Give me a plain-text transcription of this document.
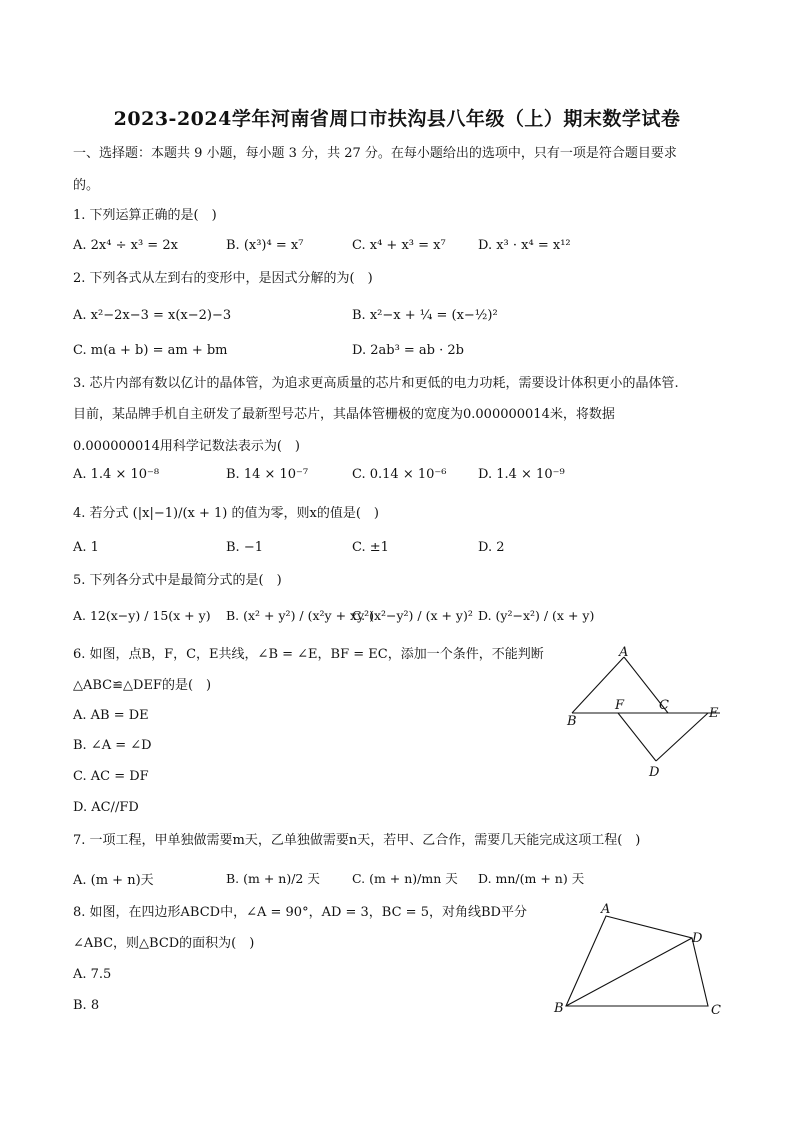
2023-2024学年河南省周口市扶沟县八年级（上）期末数学试卷
一、选择题：本题共 9 小题，每小题 3 分，共 27 分。在每小题给出的选项中，只有一项是符合题目要求
的。
1. 下列运算正确的是(　)
A. 2x⁴ ÷ x³ = 2x	B. (x³)⁴ = x⁷	C. x⁴ + x³ = x⁷ D. x³ · x⁴ = x¹²
2. 下列各式从左到右的变形中，是因式分解的为(　)
A. x²−2x−3 = x(x−2)−3	B. x²−x + ¼ = (x−½)²
C. m(a + b) = am + bm	D. 2ab³ = ab · 2b
3. 芯片内部有数以亿计的晶体管，为追求更高质量的芯片和更低的电力功耗，需要设计体积更小的晶体管.
目前，某品牌手机自主研发了最新型号芯片，其晶体管栅极的宽度为0.000000014米，将数据
0.000000014用科学记数法表示为(　)
A. 1.4 × 10⁻⁸	B. 14 × 10⁻⁷	C. 0.14 × 10⁻⁶ D. 1.4 × 10⁻⁹
4. 若分式 (|x|−1)/(x + 1) 的值为零，则x的值是(　)
A. 1	B. −1	C. ±1	D. 2
5. 下列各分式中是最简分式的是(　)
A. 12(x−y) / 15(x + y) B. (x² + y²) / (x²y + xy²)
C. (x²−y²) / (x + y)² D. (y²−x²) / (x + y)
6. 如图，点B，F，C，E共线，∠B = ∠E，BF = EC，添加一个条件，不能判断
△ABC≌△DEF的是(　)
A. AB = DE
B. ∠A = ∠D
C. AC = DF
D. AC//FD
A
B
F	C
E
D
7. 一项工程，甲单独做需要m天，乙单独做需要n天，若甲、乙合作，需要几天能完成这项工程(　)
A. (m + n)天	B. (m + n)/2 天	C. (m + n)/mn 天 D. mn/(m + n) 天
8. 如图，在四边形ABCD中，∠A = 90°，AD = 3，BC = 5，对角线BD平分
∠ABC，则△BCD的面积为(　)
A. 7.5
B. 8
A
D
B	C
